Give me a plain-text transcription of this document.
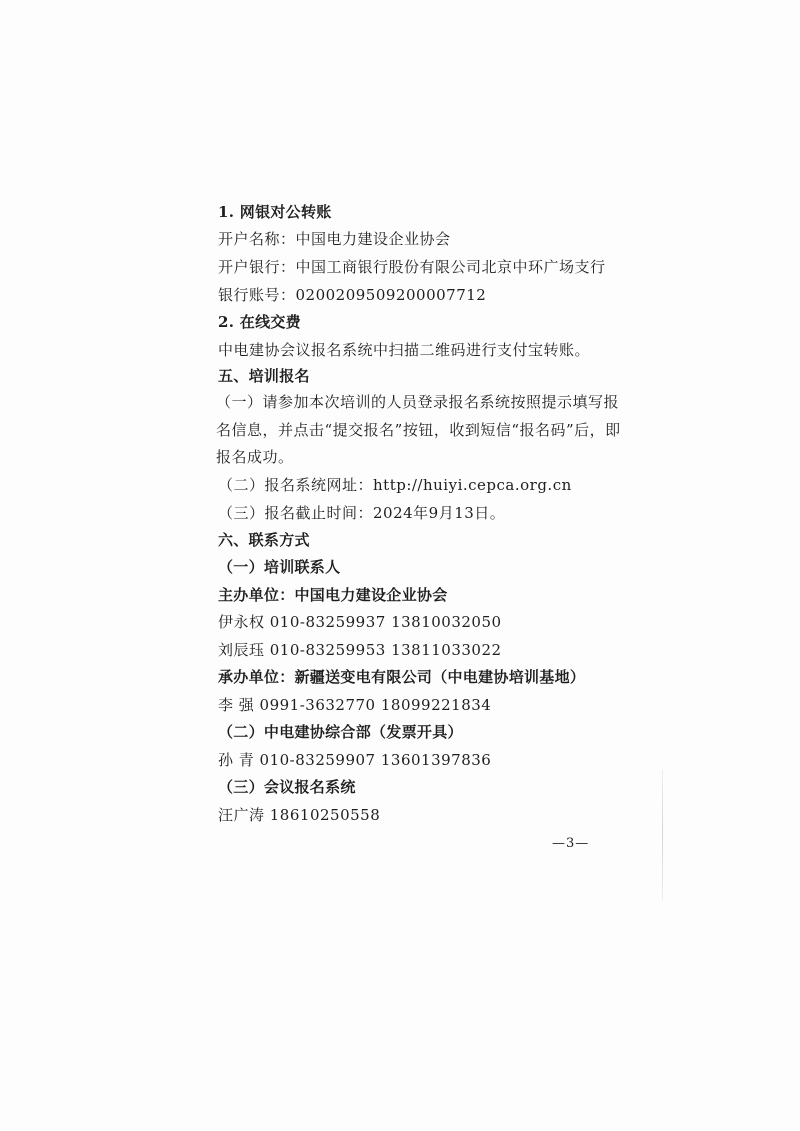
1. 网银对公转账
开户名称：中国电力建设企业协会
开户银行：中国工商银行股份有限公司北京中环广场支行
银行账号：0200209509200007712
2. 在线交费
中电建协会议报名系统中扫描二维码进行支付宝转账。
五、培训报名
（一）请参加本次培训的人员登录报名系统按照提示填写报
名信息，并点击“提交报名”按钮，收到短信“报名码”后，即
报名成功。
（二）报名系统网址：http://huiyi.cepca.org.cn
（三）报名截止时间：2024年9月13日。
六、联系方式
（一）培训联系人
主办单位：中国电力建设企业协会
伊永权 010-83259937 13810032050
刘辰珏 010-83259953 13811033022
承办单位：新疆送变电有限公司（中电建协培训基地）
李 强 0991-3632770 18099221834
（二）中电建协综合部（发票开具）
孙 青 010-83259907 13601397836
（三）会议报名系统
汪广涛 18610250558
—3—
